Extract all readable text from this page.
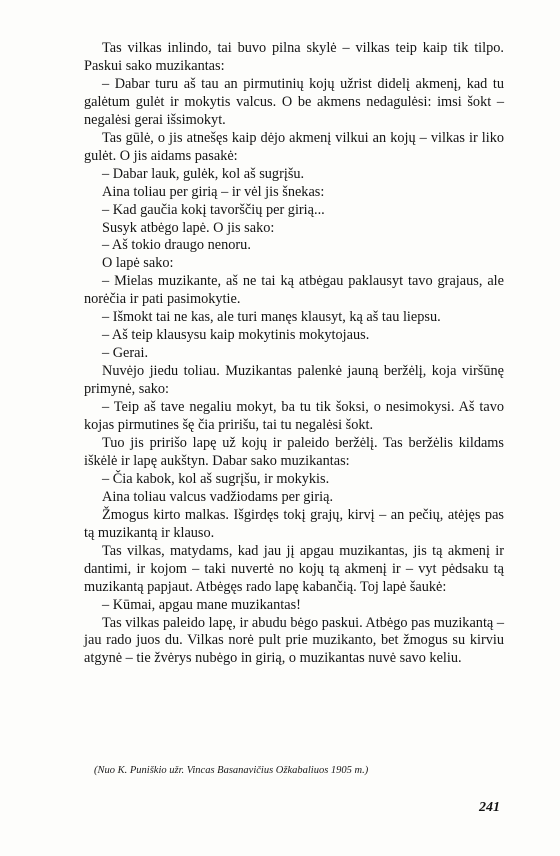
Tas vilkas inlindo, tai buvo pilna skylė – vilkas teip kaip tik tilpo. Paskui sako muzikantas:

– Dabar turu aš tau an pirmutinių kojų užrist didelį akmenį, kad tu galėtum gulėt ir mokytis valcus. O be akmens nedagulėsi: imsi šokt – negalėsi gerai išsimokyt.

Tas gūlė, o jis atnešęs kaip dėjo akmenį vilkui an kojų – vilkas ir liko gulėt. O jis aidams pasakė:

– Dabar lauk, gulėk, kol aš sugrįšu.

Aina toliau per girią – ir vėl jis šnekas:

– Kad gaučia kokį tavorščių per girią...

Susyk atbėgo lapė. O jis sako:

– Aš tokio draugo nenoru.

O lapė sako:

– Mielas muzikante, aš ne tai ką atbėgau paklausyt tavo grajaus, ale norėčia ir pati pasimokytie.

– Išmokt tai ne kas, ale turi manęs klausyt, ką aš tau liepsu.

– Aš teip klausysu kaip mokytinis mokytojaus.

– Gerai.

Nuvėjo jiedu toliau. Muzikantas palenkė jauną beržėlį, koja viršūnę primynė, sako:

– Teip aš tave negaliu mokyt, ba tu tik šoksi, o nesimokysi. Aš tavo kojas pirmutines šę čia pririšu, tai tu negalėsi šokt.

Tuo jis pririšo lapę už kojų ir paleido beržėlį. Tas beržėlis kildams iškėlė ir lapę aukštyn. Dabar sako muzikantas:

– Čia kabok, kol aš sugrįšu, ir mokykis.

Aina toliau valcus vadžiodams per girią.

Žmogus kirto malkas. Išgirdęs tokį grajų, kirvį – an pečių, atėjęs pas tą muzikantą ir klauso.

Tas vilkas, matydams, kad jau jį apgau muzikantas, jis tą akmenį ir dantimi, ir kojom – taki nuvertė no kojų tą akmenį ir – vyt pėdsaku tą muzikantą papjaut. Atbėgęs rado lapę kabančią. Toj lapė šaukė:

– Kūmai, apgau mane muzikantas!

Tas vilkas paleido lapę, ir abudu bėgo paskui. Atbėgo pas muzikantą – jau rado juos du. Vilkas norė pult prie muzikanto, bet žmogus su kirviu atgynė – tie žvėrys nubėgo in girią, o muzikantas nuvė savo keliu.

(Nuo K. Puniškio užr. Vincas Basanavičius Ožkabaliuos 1905 m.)
241
